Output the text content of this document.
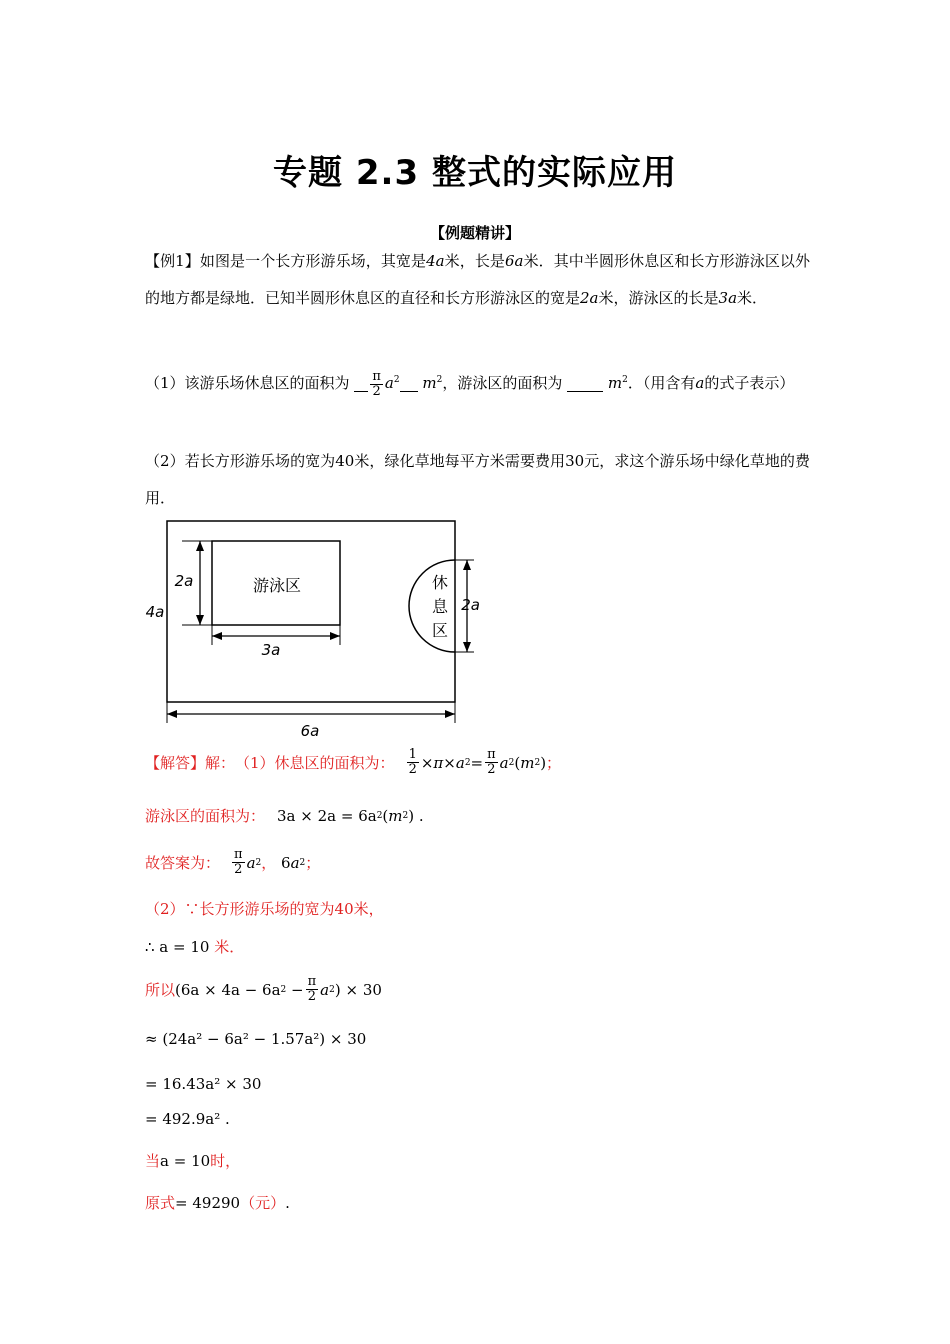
专题 2.3 整式的实际应用
【例题精讲】
【例1】如图是一个长方形游乐场，其宽是4a米，长是6a米．其中半圆形休息区和长方形游泳区以外的地方都是绿地．已知半圆形休息区的直径和长方形游泳区的宽是2a米，游泳区的长是3a米．
（1）该游乐场休息区的面积为 $\frac{\pi}{2} a^2$ $m^2$，游泳区的面积为	$m^2$．（用含有a的式子表示）
（2）若长方形游乐场的宽为40米，绿化草地每平方米需要费用30元，求这个游乐场中绿化草地的费用．
游泳区
2a
3a
休
息
区
2a
4a
6a
【解答】解： （1）休息区的面积为： $\frac{1}{2} \times \pi \times a$ $2 = \frac{\pi}{2}$ a 2 ( m 2 ) ；
游泳区的面积为： 3a × 2a = 6a 2 ( m 2 ) .
故答案为： $\frac{\pi}{2}$ a 2 ， 6 a 2 ；
（2）∵长方形游乐场的宽为40米，
∴ a = 10
米．
所以 (6a × 4a − 6a $2 - \frac{\pi}{2}$ a 2 ) × 30
≈ (24a² − 6a² − 1.57a²) × 30
= 16.43a² × 30
= 492.9a² .
当 a = 10 时，
原式 = 49290 （元） .
